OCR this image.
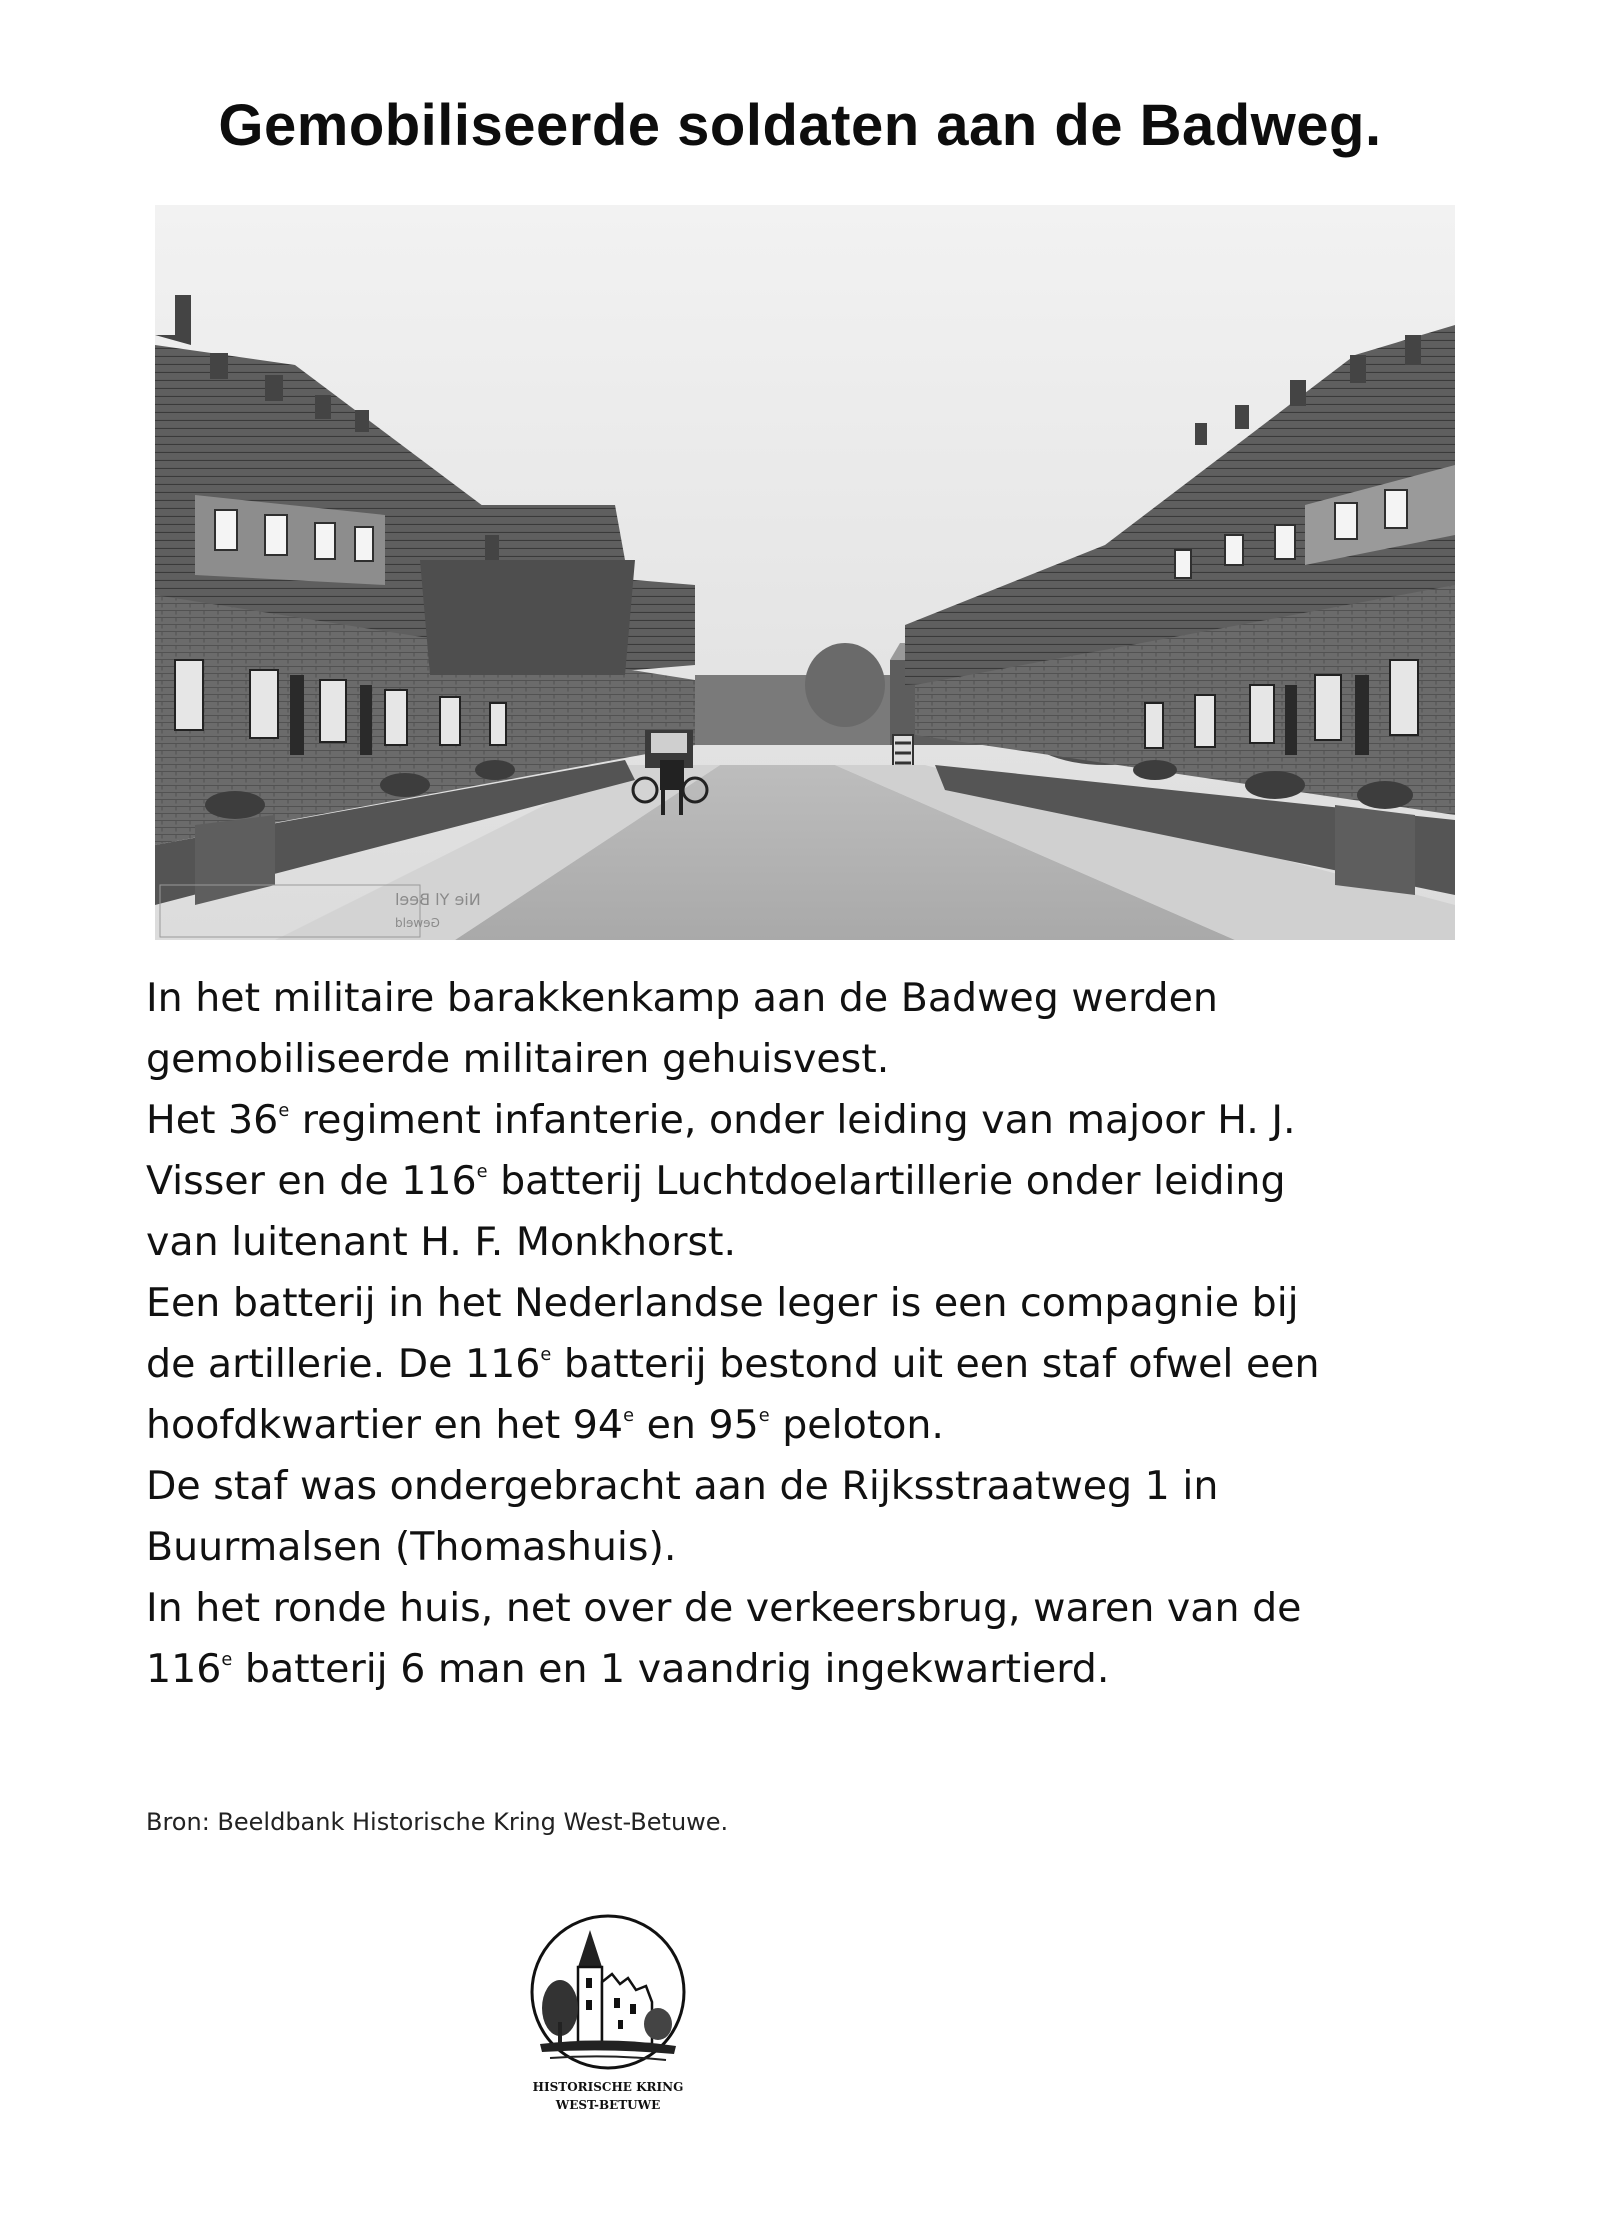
Gemobiliseerde soldaten aan de Badweg.
Nie Yl Beel
Geweld

In het militaire barakkenkamp aan de Badweg werden

gemobiliseerde militairen gehuisvest.

Het 36e regiment infanterie, onder leiding van majoor H. J.

Visser en de 116e batterij Luchtdoelartillerie onder leiding

van luitenant H. F. Monkhorst.

Een batterij in het Nederlandse leger is een compagnie bij

de artillerie. De 116e batterij bestond uit een staf ofwel een

hoofdkwartier en het 94e en 95e peloton.

De staf was ondergebracht aan de Rijksstraatweg 1 in

Buurmalsen (Thomashuis).

In het ronde huis, net over de verkeersbrug, waren van de

116e batterij 6 man en 1 vaandrig ingekwartierd.

Bron: Beeldbank Historische Kring West-Betuwe.
HISTORISCHE KRING
WEST-BETUWE
